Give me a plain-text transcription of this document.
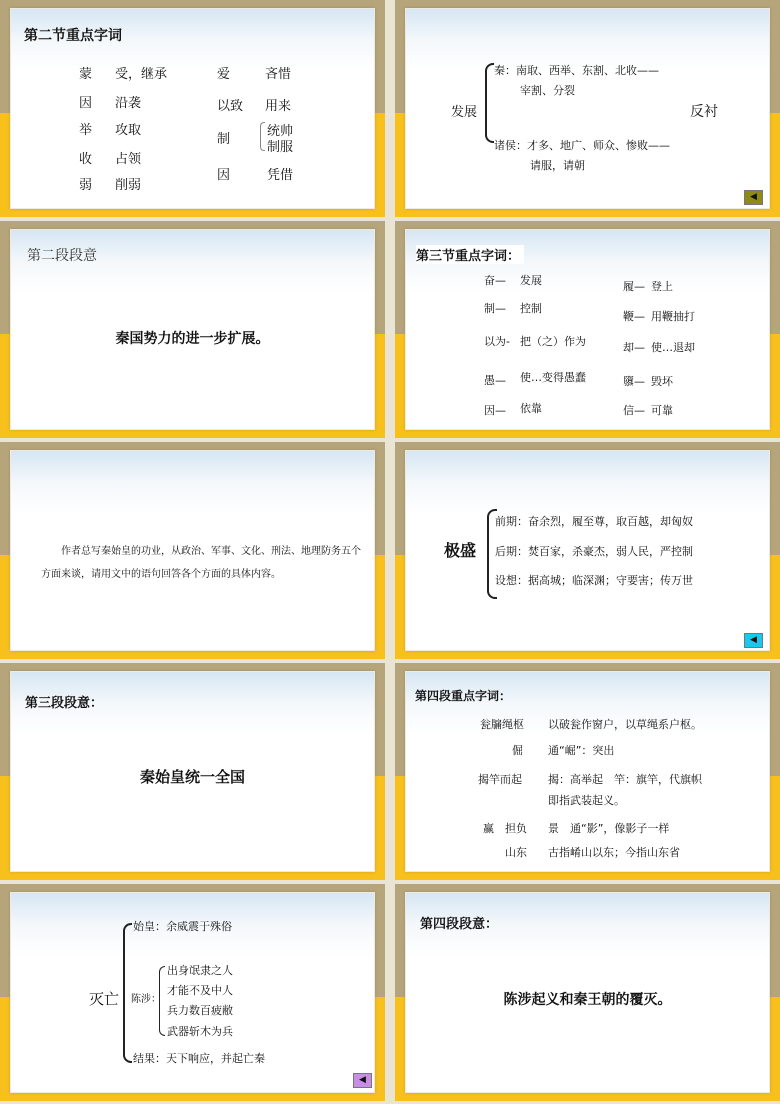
第二节重点字词
蒙 受，继承
因 沿袭
举 攻取
收 占领
弱 削弱
爱	吝惜
以致 用来
制
统帅
制服
因	凭借
发展
秦：南取、西举、东割、北收——
宰割、分裂
诸侯：才多、地广、师众、惨败——
请服，请朝
反衬
◀
第二段段意
秦国势力的进一步扩展。
第三节重点字词：
奋— 发展
制— 控制
以为- 把（之）作为
愚— 使…变得愚蠢
因— 依靠
履— 登上
鞭— 用鞭抽打
却— 使…退却
隳— 毁坏
信— 可靠
作者总写秦始皇的功业，从政治、军事、文化、刑法、地理防务五个
方面来谈，请用文中的语句回答各个方面的具体内容。
极盛
前期：奋余烈，履至尊，取百越，却匈奴
后期：焚百家，杀豪杰，弱人民，严控制
设想：据高城；临深渊；守要害；传万世
◀
第三段段意：
秦始皇统一全国
第四段重点字词：
瓮牖绳枢 以破瓮作窗户，以草绳系户枢。
倔 通“崛”：突出
揭竿而起 揭：高举起　竿：旗竿，代旗帜
即指武装起义。
赢　担负 景　通“影”，像影子一样
山东 古指崤山以东；今指山东省
灭亡
始皇：余威震于殊俗
陈涉：
出身氓隶之人
才能不及中人
兵力数百疲敝
武器斩木为兵
结果：天下响应，并起亡秦
◀
第四段段意：
陈涉起义和秦王朝的覆灭。
